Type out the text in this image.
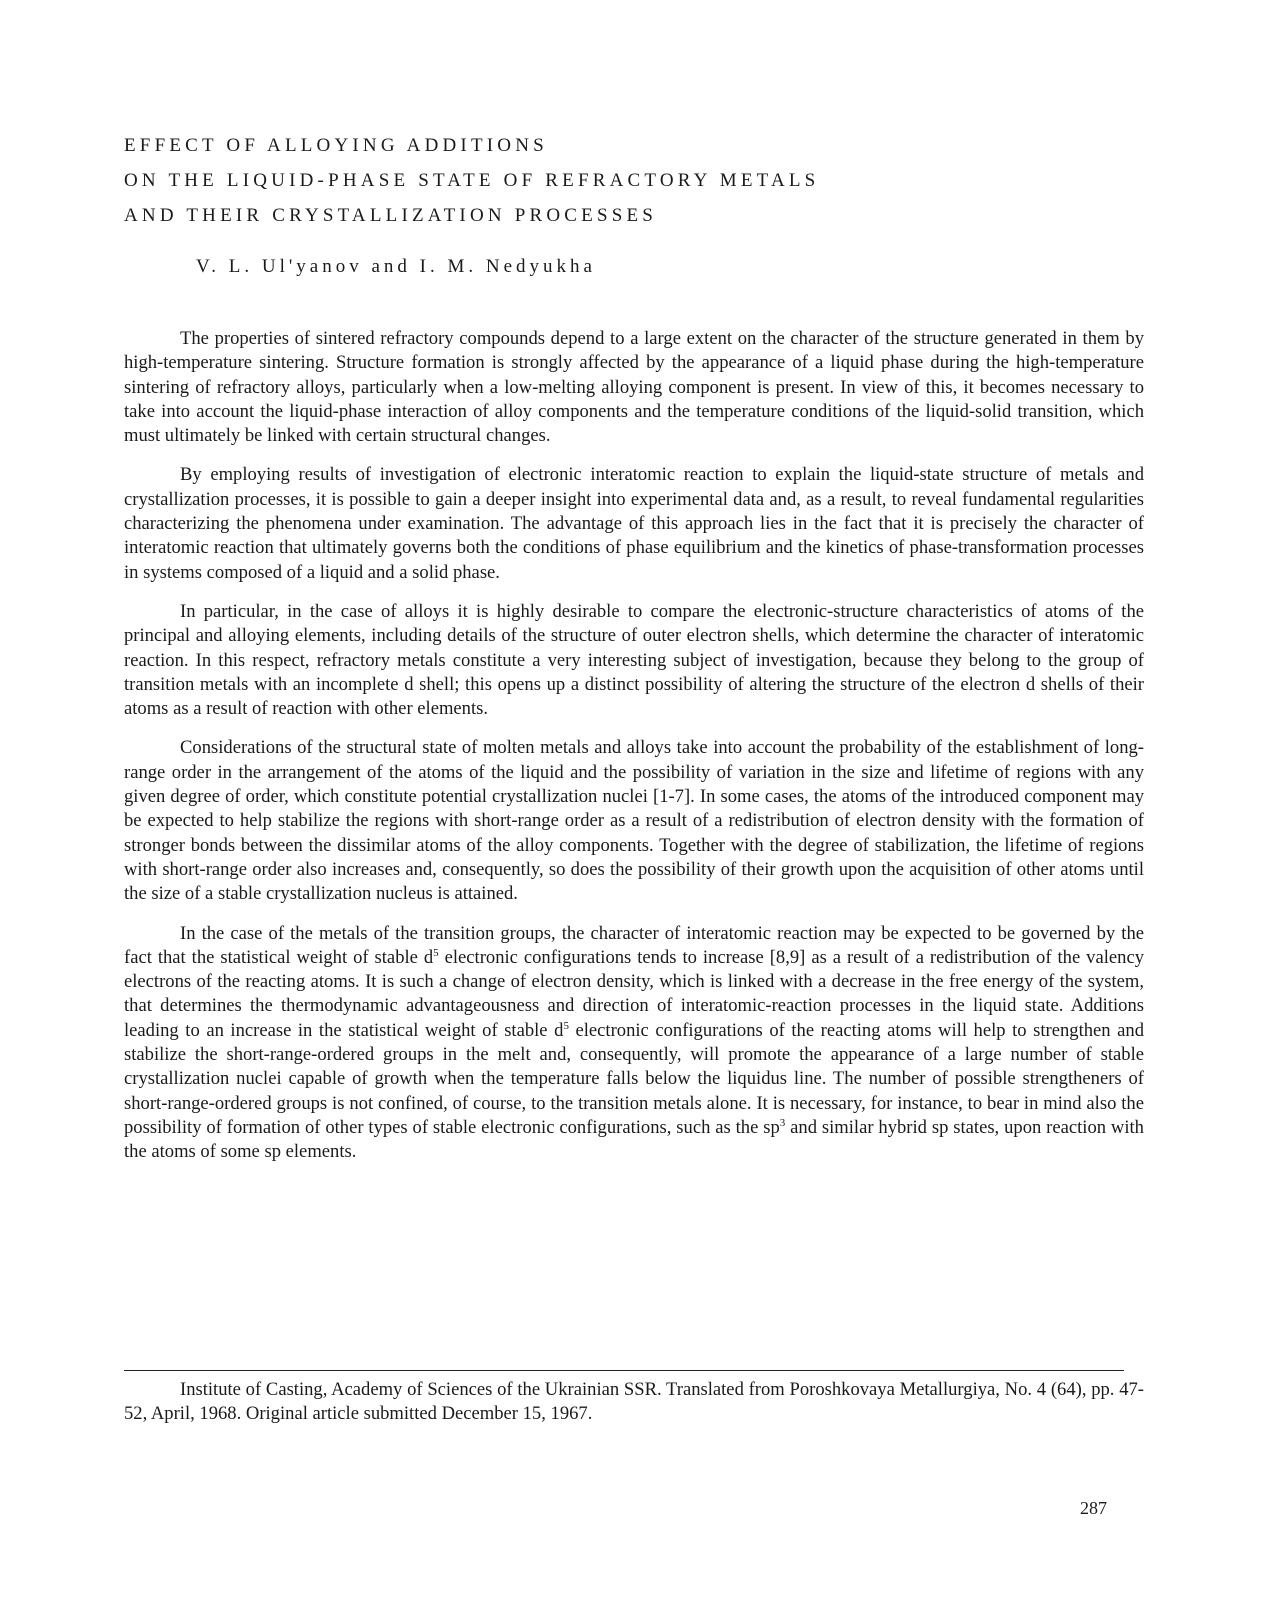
EFFECT OF ALLOYING ADDITIONS
ON THE LIQUID-PHASE STATE OF REFRACTORY METALS
AND THEIR CRYSTALLIZATION PROCESSES

V. L. Ul'yanov and I. M. Nedyukha

The properties of sintered refractory compounds depend to a large extent on the character of the structure generated in them by high-temperature sintering. Structure formation is strongly affected by the appearance of a liquid phase during the high-temperature sintering of refractory alloys, particularly when a low-melting alloying component is present. In view of this, it becomes necessary to take into account the liquid-phase interaction of alloy components and the temperature conditions of the liquid-solid transition, which must ultimately be linked with certain structural changes.

By employing results of investigation of electronic interatomic reaction to explain the liquid-state structure of metals and crystallization processes, it is possible to gain a deeper insight into experimental data and, as a result, to reveal fundamental regularities characterizing the phenomena under examination. The advantage of this approach lies in the fact that it is precisely the character of interatomic reaction that ultimately governs both the conditions of phase equilibrium and the kinetics of phase-transformation processes in systems composed of a liquid and a solid phase.

In particular, in the case of alloys it is highly desirable to compare the electronic-structure characteristics of atoms of the principal and alloying elements, including details of the structure of outer electron shells, which determine the character of interatomic reaction. In this respect, refractory metals constitute a very interesting subject of investigation, because they belong to the group of transition metals with an incomplete d shell; this opens up a distinct possibility of altering the structure of the electron d shells of their atoms as a result of reaction with other elements.

Considerations of the structural state of molten metals and alloys take into account the probability of the establishment of long-range order in the arrangement of the atoms of the liquid and the possibility of variation in the size and lifetime of regions with any given degree of order, which constitute potential crystallization nuclei [1-7]. In some cases, the atoms of the introduced component may be expected to help stabilize the regions with short-range order as a result of a redistribution of electron density with the formation of stronger bonds between the dissimilar atoms of the alloy components. Together with the degree of stabilization, the lifetime of regions with short-range order also increases and, consequently, so does the possibility of their growth upon the acquisition of other atoms until the size of a stable crystallization nucleus is attained.

In the case of the metals of the transition groups, the character of interatomic reaction may be expected to be governed by the fact that the statistical weight of stable $d^5$ electronic configurations tends to increase [8,9] as a result of a redistribution of the valency electrons of the reacting atoms. It is such a change of electron density, which is linked with a decrease in the free energy of the system, that determines the thermodynamic advantageousness and direction of interatomic-reaction processes in the liquid state. Additions leading to an increase in the statistical weight of stable $d^5$ electronic configurations of the reacting atoms will help to strengthen and stabilize the short-range-ordered groups in the melt and, consequently, will promote the appearance of a large number of stable crystallization nuclei capable of growth when the temperature falls below the liquidus line. The number of possible strengtheners of short-range-ordered groups is not confined, of course, to the transition metals alone. It is necessary, for instance, to bear in mind also the possibility of formation of other types of stable electronic configurations, such as the $sp^3$ and similar hybrid sp states, upon reaction with the atoms of some sp elements.

Institute of Casting, Academy of Sciences of the Ukrainian SSR. Translated from Poroshkovaya Metallurgiya, No. 4 (64), pp. 47-52, April, 1968. Original article submitted December 15, 1967.

287
